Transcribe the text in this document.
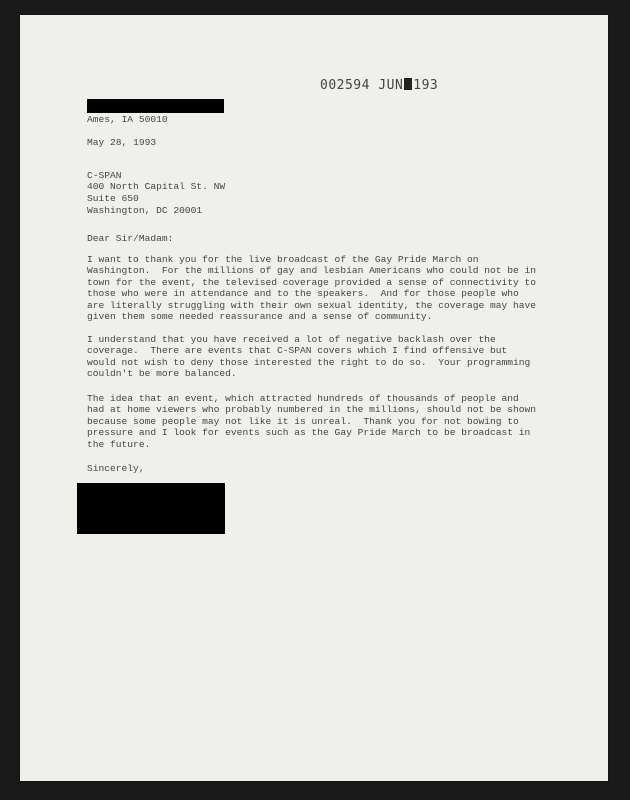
002594 JUN 193
Ames, IA 50010
May 28, 1993
C-SPAN
400 North Capital St. NW
Suite 650
Washington, DC 20001
Dear Sir/Madam:
I want to thank you for the live broadcast of the Gay Pride March on
Washington.  For the millions of gay and lesbian Americans who could not be in
town for the event, the televised coverage provided a sense of connectivity to
those who were in attendance and to the speakers.  And for those people who
are literally struggling with their own sexual identity, the coverage may have
given them some needed reassurance and a sense of community.
I understand that you have received a lot of negative backlash over the
coverage.  There are events that C-SPAN covers which I find offensive but
would not wish to deny those interested the right to do so.  Your programming
couldn't be more balanced.
The idea that an event, which attracted hundreds of thousands of people and
had at home viewers who probably numbered in the millions, should not be shown
because some people may not like it is unreal.  Thank you for not bowing to
pressure and I look for events such as the Gay Pride March to be broadcast in
the future.
Sincerely,
